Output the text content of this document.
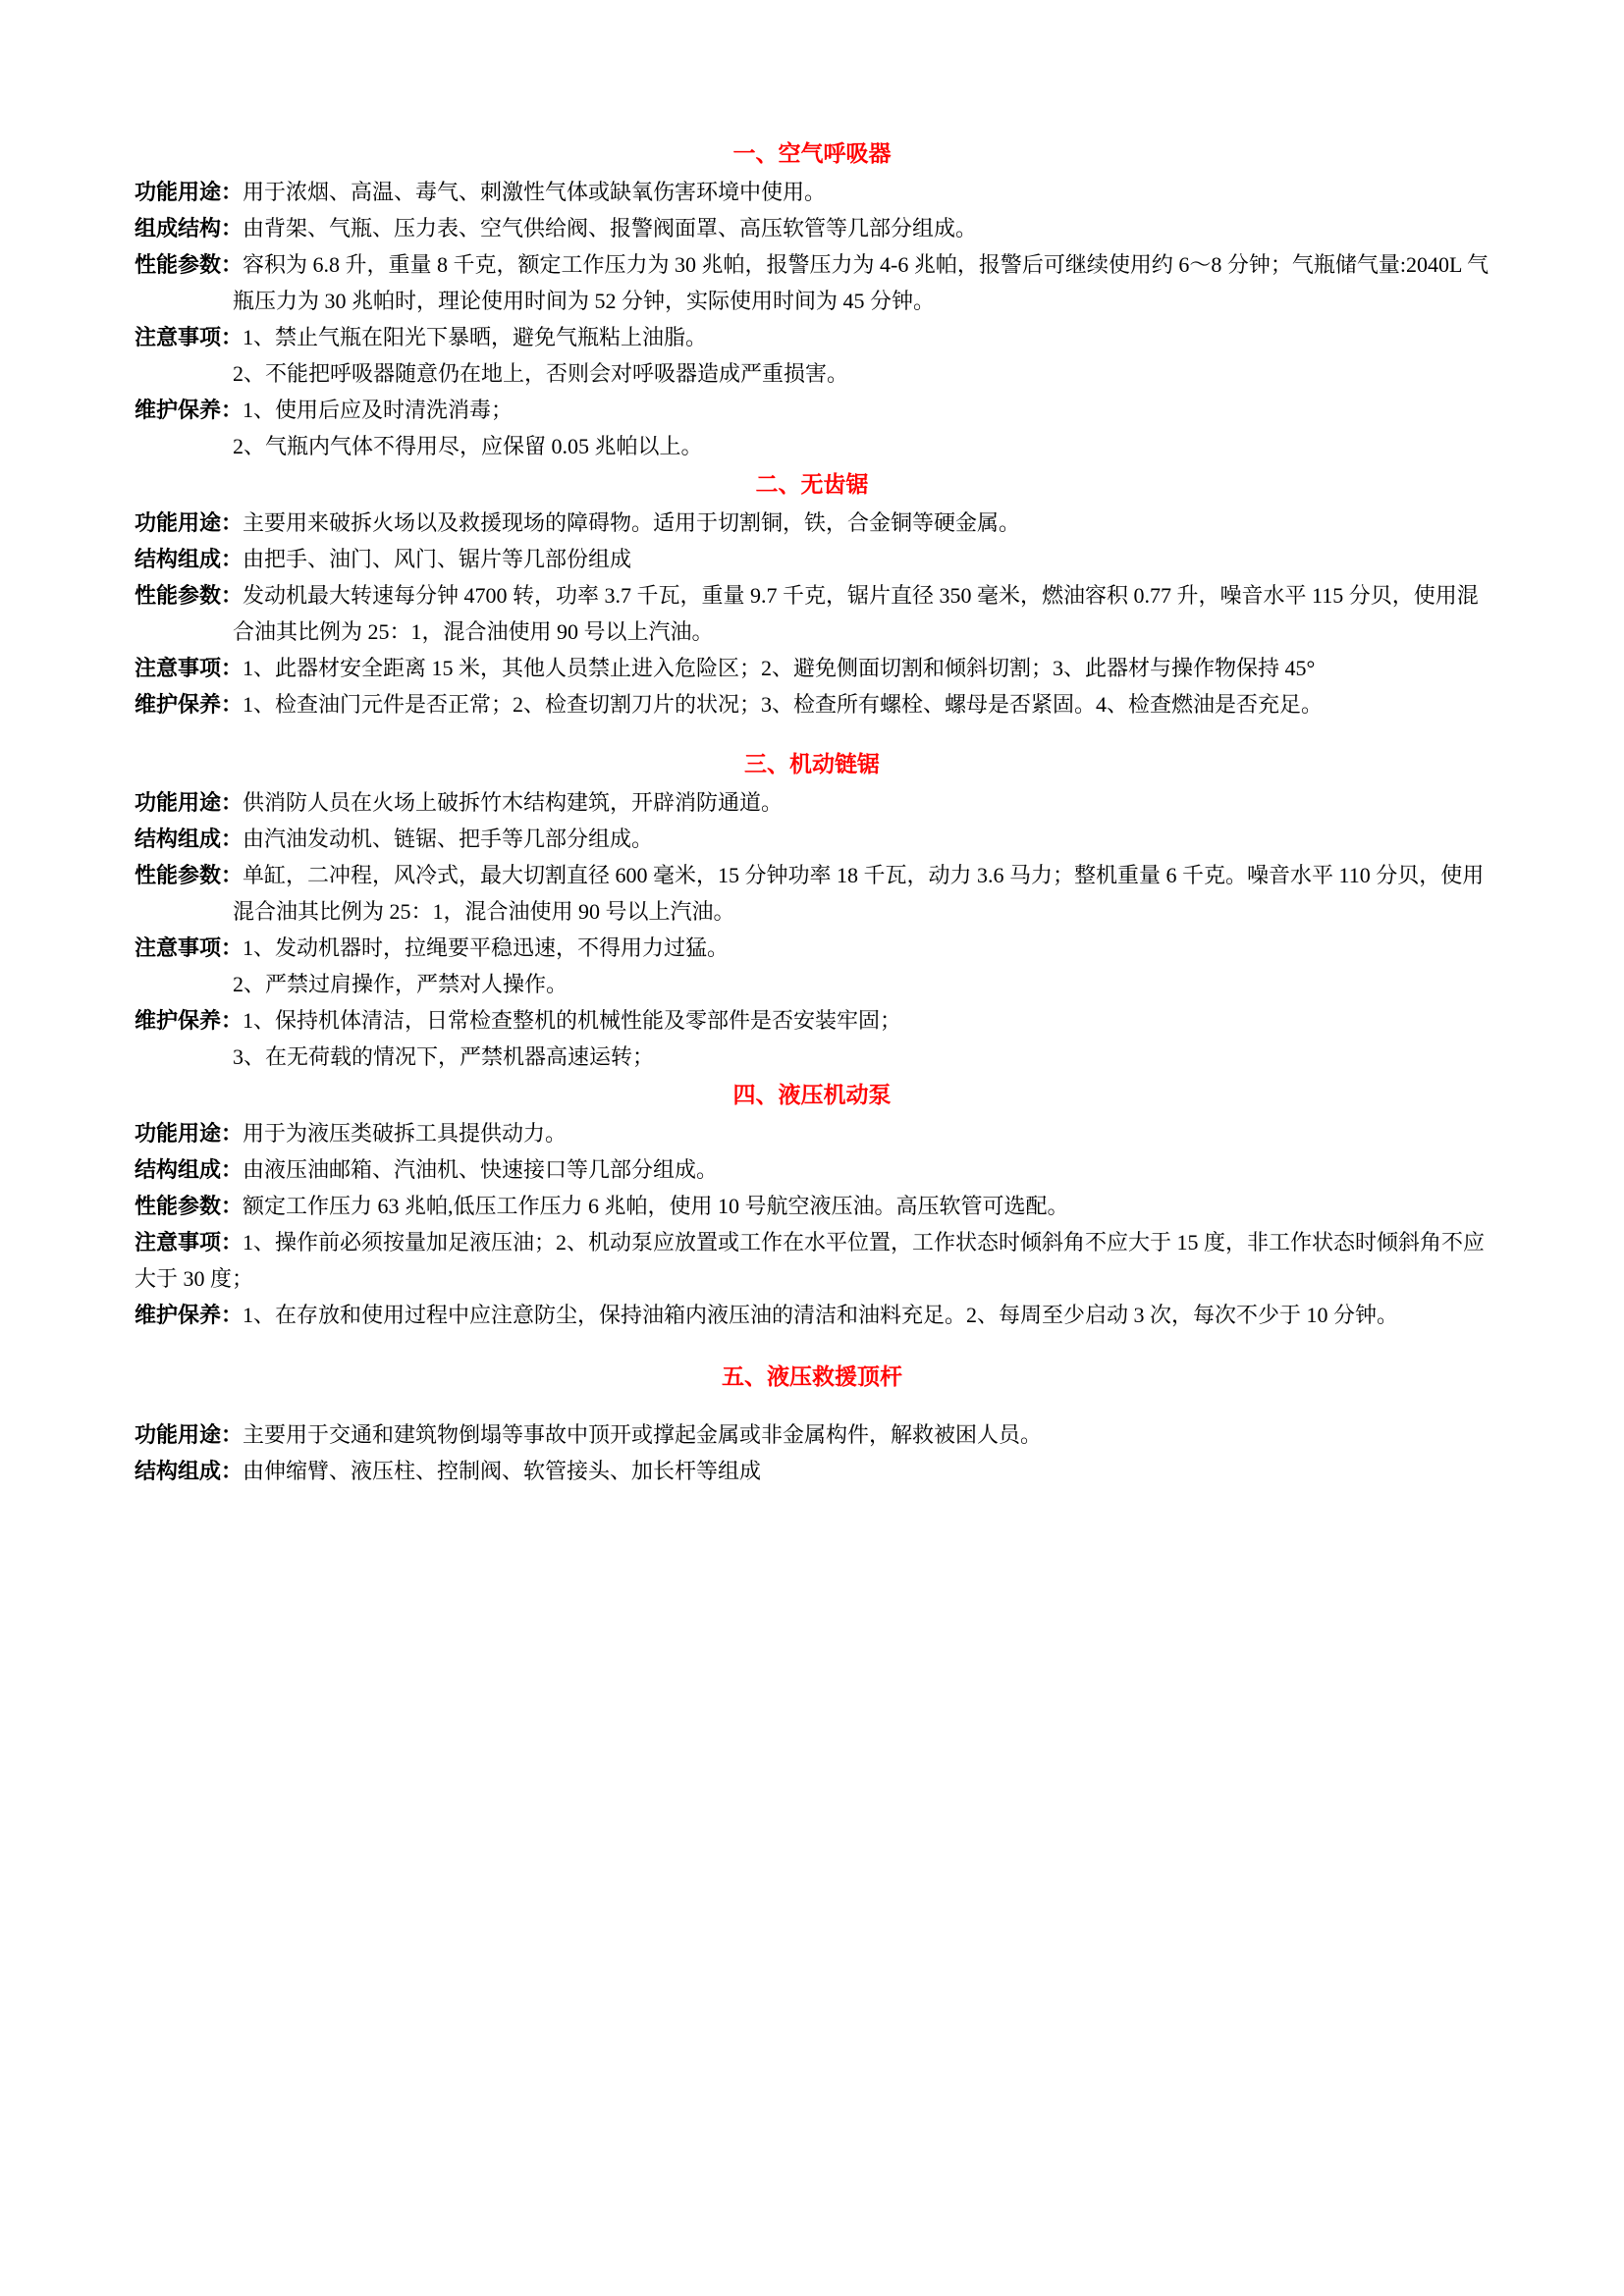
一、空气呼吸器
功能用途：用于浓烟、高温、毒气、刺激性气体或缺氧伤害环境中使用。
组成结构：由背架、气瓶、压力表、空气供给阀、报警阀面罩、高压软管等几部分组成。
性能参数：容积为 6.8 升，重量 8 千克，额定工作压力为 30 兆帕，报警压力为 4-6 兆帕，报警后可继续使用约 6～8 分钟；气瓶储气量:2040L 气瓶压力为 30 兆帕时，理论使用时间为 52 分钟，实际使用时间为 45 分钟。
注意事项：1、禁止气瓶在阳光下暴晒，避免气瓶粘上油脂。
2、不能把呼吸器随意仍在地上，否则会对呼吸器造成严重损害。
维护保养：1、使用后应及时清洗消毒；
2、气瓶内气体不得用尽，应保留 0.05 兆帕以上。
二、无齿锯
功能用途：主要用来破拆火场以及救援现场的障碍物。适用于切割铜，铁，合金铜等硬金属。
结构组成：由把手、油门、风门、锯片等几部份组成
性能参数：发动机最大转速每分钟 4700 转，功率 3.7 千瓦，重量 9.7 千克，锯片直径 350 毫米，燃油容积 0.77 升，噪音水平 115 分贝，使用混合油其比例为 25：1，混合油使用 90 号以上汽油。
注意事项：1、此器材安全距离 15 米，其他人员禁止进入危险区；2、避免侧面切割和倾斜切割；3、此器材与操作物保持 45°
维护保养：1、检查油门元件是否正常；2、检查切割刀片的状况；3、检查所有螺栓、螺母是否紧固。4、检查燃油是否充足。
三、机动链锯
功能用途：供消防人员在火场上破拆竹木结构建筑，开辟消防通道。
结构组成：由汽油发动机、链锯、把手等几部分组成。
性能参数：单缸，二冲程，风冷式，最大切割直径 600 毫米，15 分钟功率 18 千瓦，动力 3.6 马力；整机重量 6 千克。噪音水平 110 分贝，使用混合油其比例为 25：1，混合油使用 90 号以上汽油。
注意事项：1、发动机器时，拉绳要平稳迅速，不得用力过猛。
2、严禁过肩操作，严禁对人操作。
维护保养：1、保持机体清洁，日常检查整机的机械性能及零部件是否安装牢固；
3、在无荷载的情况下，严禁机器高速运转；
四、液压机动泵
功能用途：用于为液压类破拆工具提供动力。
结构组成：由液压油邮箱、汽油机、快速接口等几部分组成。
性能参数：额定工作压力 63 兆帕,低压工作压力 6 兆帕，使用 10 号航空液压油。高压软管可选配。
注意事项：1、操作前必须按量加足液压油；2、机动泵应放置或工作在水平位置，工作状态时倾斜角不应大于 15 度，非工作状态时倾斜角不应大于 30 度；
维护保养：1、在存放和使用过程中应注意防尘，保持油箱内液压油的清洁和油料充足。2、每周至少启动 3 次，每次不少于 10 分钟。
五、液压救援顶杆
功能用途：主要用于交通和建筑物倒塌等事故中顶开或撑起金属或非金属构件，解救被困人员。
结构组成：由伸缩臂、液压柱、控制阀、软管接头、加长杆等组成
